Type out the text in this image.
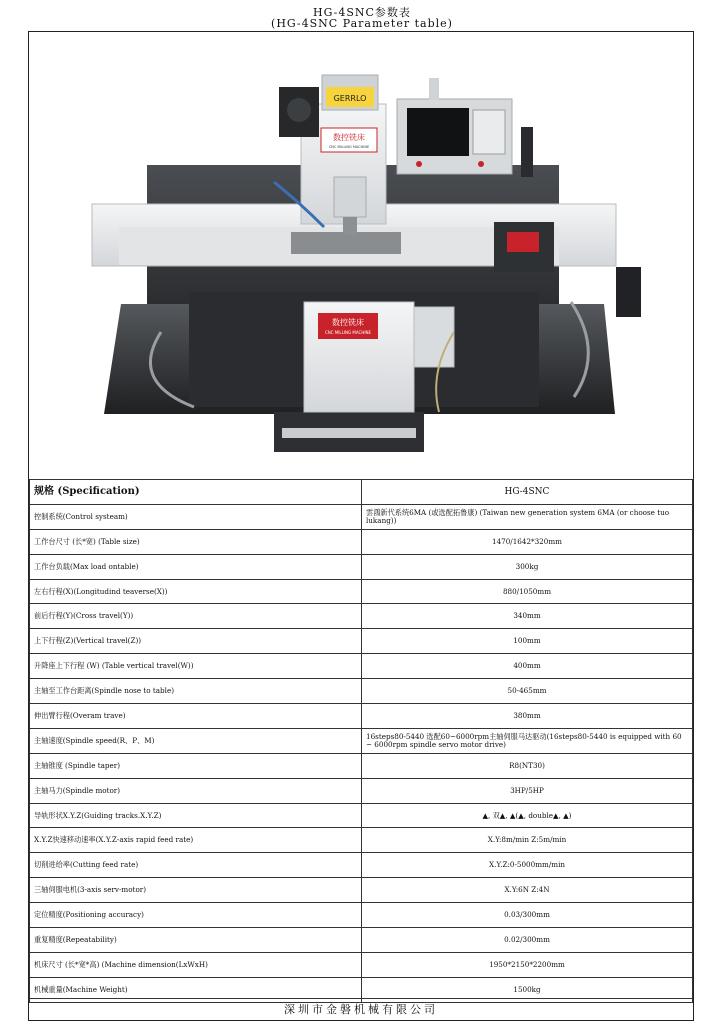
HG-4SNC参数表
(HG-4SNC Parameter table)
数控铣床
CNC MILLING MACHINE
GERRLO
数控铣床
CNC MILLING MACHINE
规格 (Specification)	HG-4SNC
控制系统(Control systeam)	雲鴻新代系统6MA (或选配拓鲁康) (Taiwan new generation system 6MA (or choose tuo lukang))
工作台尺寸 (长*宽) (Table size)	1470/1642*320mm
工作台负载(Max load ontable)	300kg
左右行程(X)(Longitudind teaverse(X))	880/1050mm
前后行程(Y)(Cross travel(Y))	340mm
上下行程(Z)(Vertical travel(Z))	100mm
升降座上下行程 (W) (Table vertical travel(W))	400mm
主轴至工作台距离(Spindle nose to table)	50-465mm
伸出臂行程(Overam trave)	380mm
主轴速度(Spindle speed(R、P、M)	16steps80-5440 选配60~6000rpm主轴伺服马达驱动(16steps80-5440 is equipped with 60 ~ 6000rpm spindle servo motor drive)
主轴锥度 (Spindle taper)	R8(NT30)
主轴马力(Spindle motor)	3HP/5HP
导轨形状X.Y.Z(Guiding tracks.X.Y.Z)	▲, 双▲, ▲(▲, double▲, ▲)
X.Y.Z快速移动速率(X.Y.Z-axis rapid feed rate)	X.Y:8m/min Z:5m/min
切削进给率(Cutting feed rate)	X.Y.Z:0-5000mm/min
三轴伺服电机(3-axis serv-motor)	X.Y:6N Z:4N
定位精度(Positioning accuracy)	0.03/300mm
重复精度(Repeatability)	0.02/300mm
机床尺寸 (长*宽*高) (Machine dimension(LxWxH)	1950*2150*2200mm
机械重量(Machine Weight)	1500kg
深圳市金磐机械有限公司
